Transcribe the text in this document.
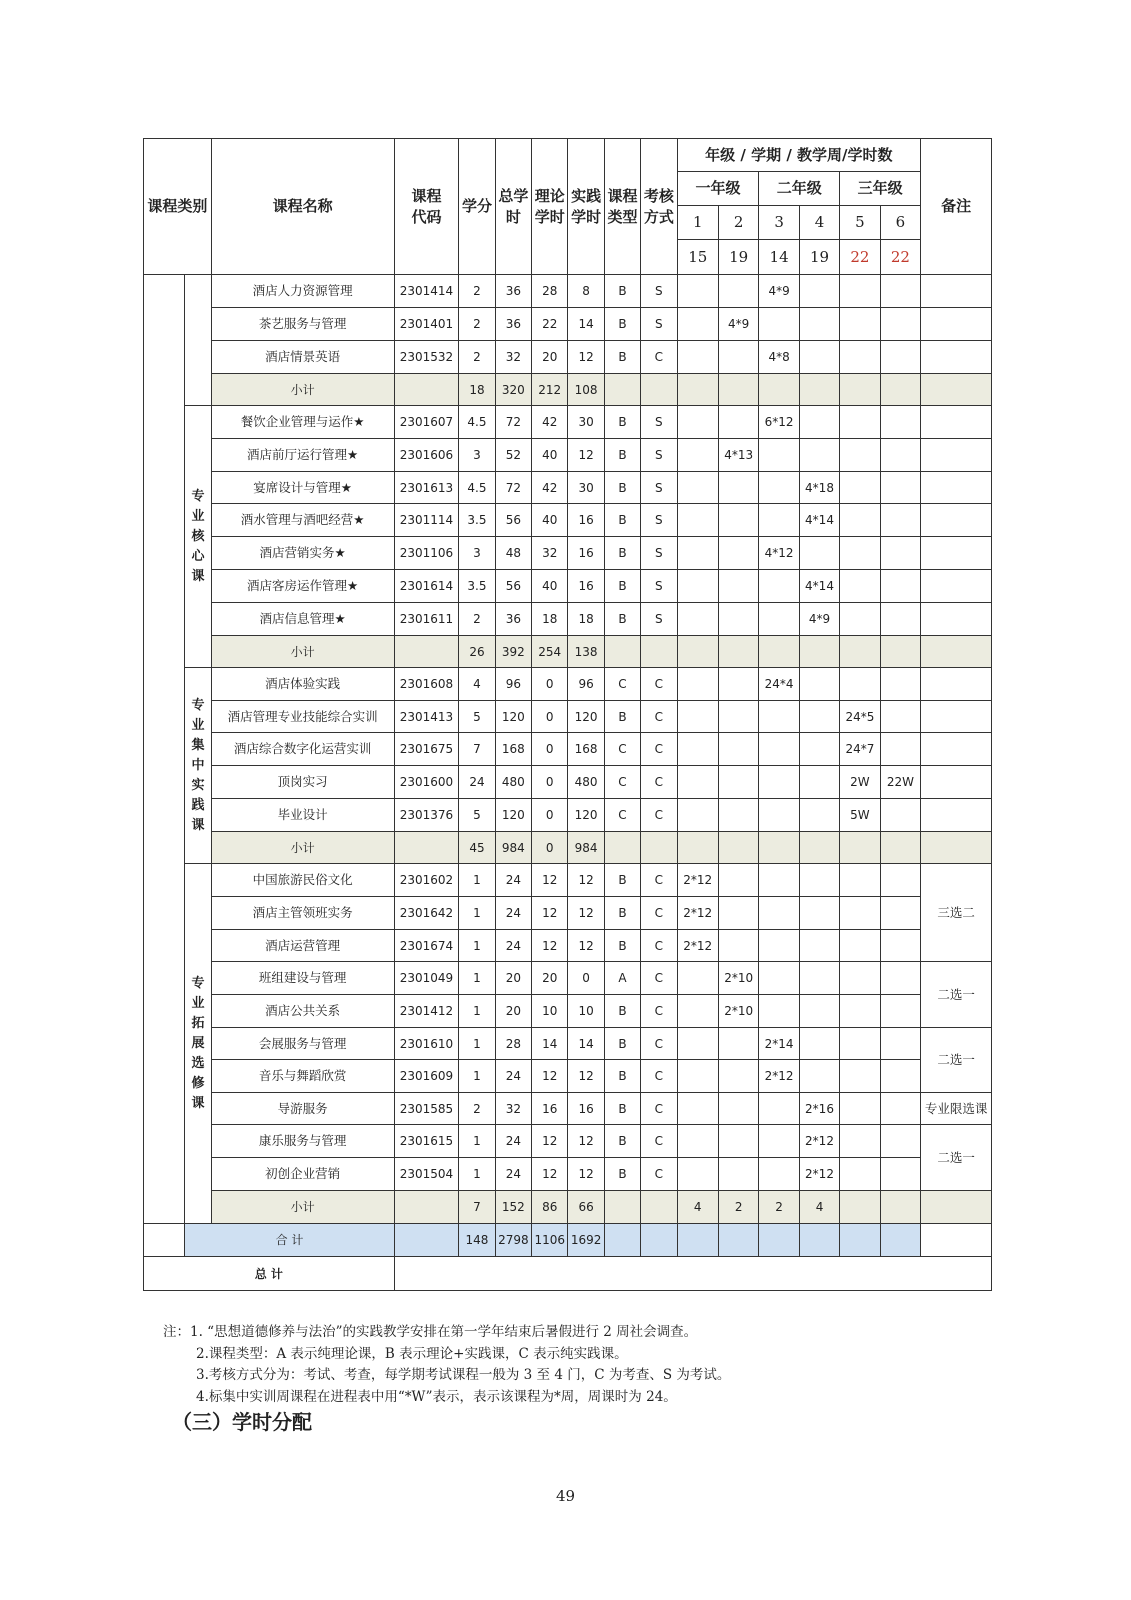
课程类别		课程名称	课程代码	学分	总学时	理论学时	实践学时	课程类型	考核方式	年级 / 学期 / 教学周/学时数						备注
										一年级		二年级		三年级		
										1	2	3	4	5	6	
										15	19	14	19	22	22	
		酒店人力资源管理	2301414	2	36	28	8	B	S			4*9				
		茶艺服务与管理	2301401	2	36	22	14	B	S		4*9					
		酒店情景英语	2301532	2	32	20	12	B	C			4*8				
		小计		18	320	212	108									
	专业核心课	餐饮企业管理与运作★	2301607	4.5	72	42	30	B	S			6*12				
		酒店前厅运行管理★	2301606	3	52	40	12	B	S		4*13					
		宴席设计与管理★	2301613	4.5	72	42	30	B	S				4*18			
		酒水管理与酒吧经营★	2301114	3.5	56	40	16	B	S				4*14			
		酒店营销实务★	2301106	3	48	32	16	B	S			4*12				
		酒店客房运作管理★	2301614	3.5	56	40	16	B	S				4*14			
		酒店信息管理★	2301611	2	36	18	18	B	S				4*9			
		小计		26	392	254	138									
	专业集中实践课	酒店体验实践	2301608	4	96	0	96	C	C			24*4				
		酒店管理专业技能综合实训	2301413	5	120	0	120	B	C					24*5		
		酒店综合数字化运营实训	2301675	7	168	0	168	C	C					24*7		
		顶岗实习	2301600	24	480	0	480	C	C					2W	22W	
		毕业设计	2301376	5	120	0	120	C	C					5W		
		小计		45	984	0	984									
	专业拓展选修课	中国旅游民俗文化	2301602	1	24	12	12	B	C	2*12						三选二
		酒店主管领班实务	2301642	1	24	12	12	B	C	2*12						
		酒店运营管理	2301674	1	24	12	12	B	C	2*12						
		班组建设与管理	2301049	1	20	20	0	A	C		2*10					二选一
		酒店公共关系	2301412	1	20	10	10	B	C		2*10					
		会展服务与管理	2301610	1	28	14	14	B	C			2*14				二选一
		音乐与舞蹈欣赏	2301609	1	24	12	12	B	C			2*12				
		导游服务	2301585	2	32	16	16	B	C				2*16			专业限选课
		康乐服务与管理	2301615	1	24	12	12	B	C				2*12			二选一
		初创企业营销	2301504	1	24	12	12	B	C				2*12			
		小计		7	152	86	66			4	2	2	4			
	合 计			148	2798	1106	1692									
总 计																
注：1. “思想道德修养与法治”的实践教学安排在第一学年结束后暑假进行 2 周社会调查。
2.课程类型：A 表示纯理论课，B 表示理论+实践课，C 表示纯实践课。
3.考核方式分为：考试、考查，每学期考试课程一般为 3 至 4 门，C 为考查、S 为考试。
4.标集中实训周课程在进程表中用“*W”表示，表示该课程为*周，周课时为 24。
（三）学时分配
49
